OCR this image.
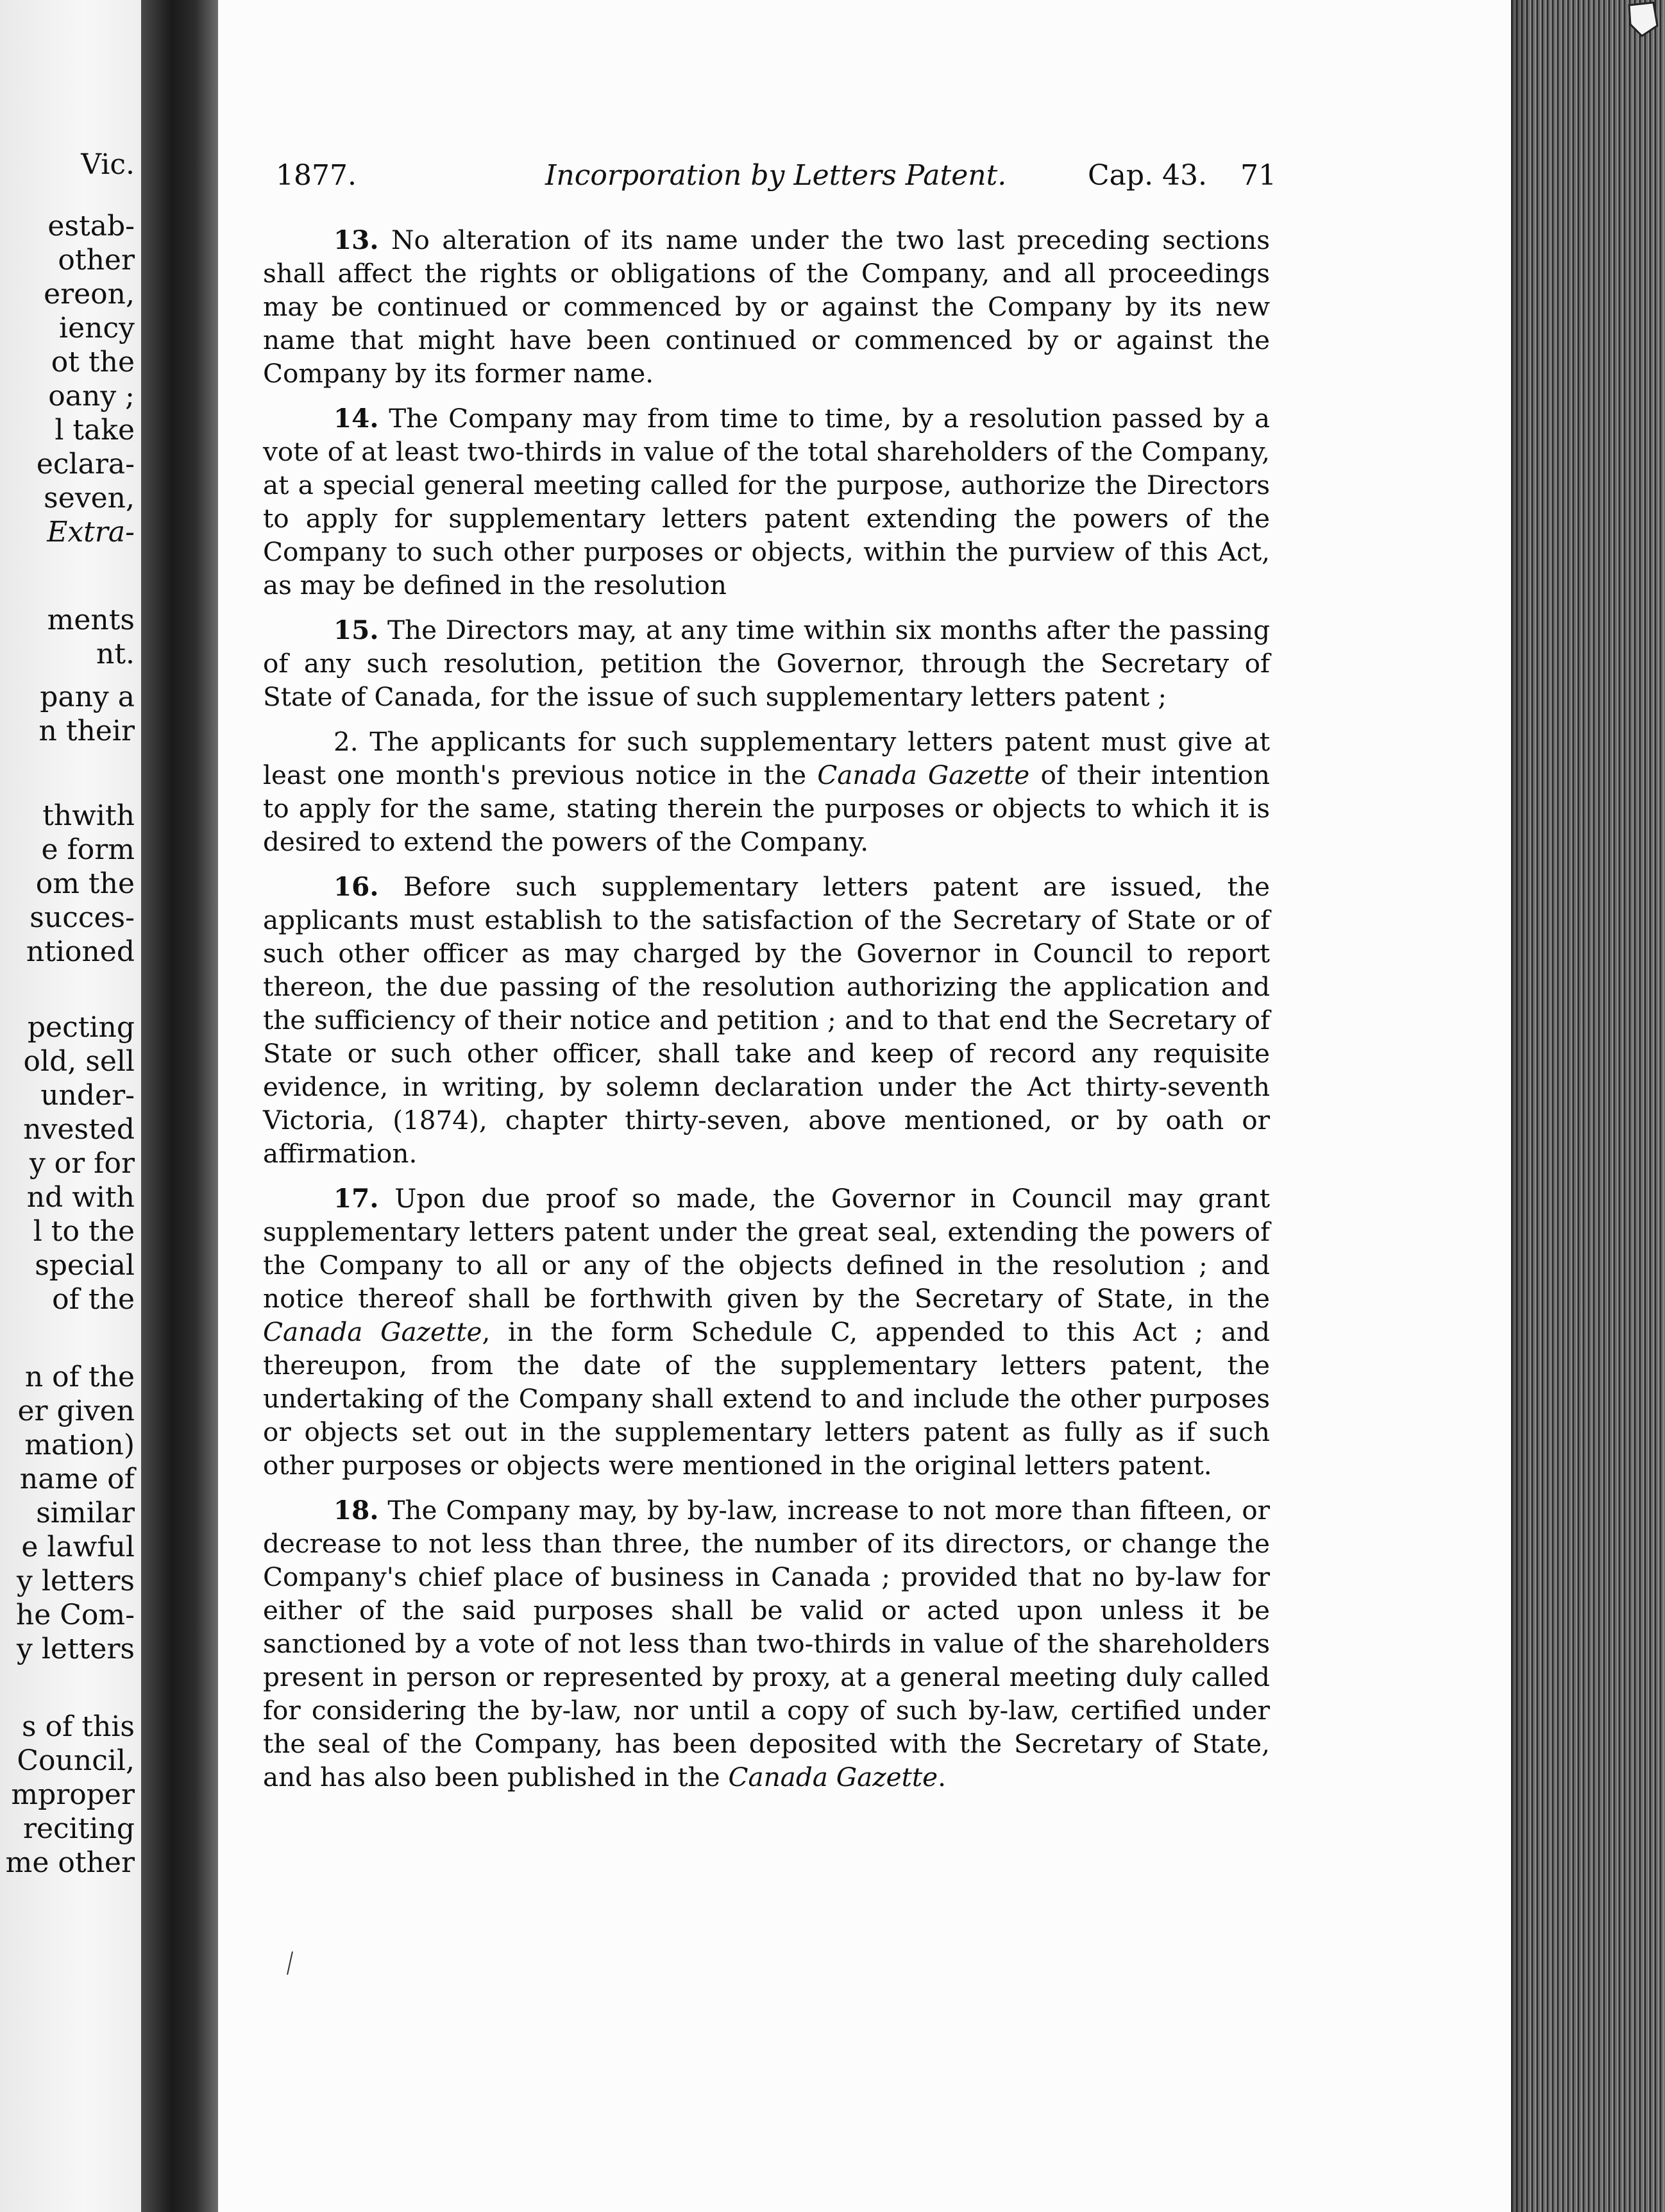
Vic.
estab-
other
ereon,
iency
ot the
oany ;
l take
eclara-
seven,
Extra-
ments
nt.
pany a
n their
thwith
e form
om the
succes-
ntioned
pecting
old, sell
under-
nvested
y or for
nd with
l to the
special
of the
n of the
er given
mation)
name of
similar
e lawful
y letters
he Com-
y letters
s of this
Council,
mproper
reciting
me other
1877.	Incorporation by Letters Patent.	Cap. 43. 71

13. No alteration of its name under the two last preceding sections shall affect the rights or obligations of the Company, and all proceedings may be continued or commenced by or against the Company by its new name that might have been continued or commenced by or against the Company by its former name.

14. The Company may from time to time, by a resolution passed by a vote of at least two-thirds in value of the total shareholders of the Company, at a special general meeting called for the purpose, authorize the Directors to apply for supplementary letters patent extending the powers of the Company to such other purposes or objects, within the purview of this Act, as may be defined in the resolution

15. The Directors may, at any time within six months after the passing of any such resolution, petition the Governor, through the Secretary of State of Canada, for the issue of such supplementary letters patent ;

2. The applicants for such supplementary letters patent must give at least one month's previous notice in the Canada Gazette of their intention to apply for the same, stating therein the purposes or objects to which it is desired to extend the powers of the Company.

16. Before such supplementary letters patent are issued, the applicants must establish to the satisfaction of the Secretary of State or of such other officer as may charged by the Governor in Council to report thereon, the due passing of the resolution authorizing the application and the sufficiency of their notice and petition ; and to that end the Secretary of State or such other officer, shall take and keep of record any requisite evidence, in writing, by solemn declaration under the Act thirty-seventh Victoria, (1874), chapter thirty-seven, above mentioned, or by oath or affirmation.

17. Upon due proof so made, the Governor in Council may grant supplementary letters patent under the great seal, extending the powers of the Company to all or any of the objects defined in the resolution ; and notice thereof shall be forthwith given by the Secretary of State, in the Canada Gazette, in the form Schedule C, appended to this Act ; and thereupon, from the date of the supplementary letters patent, the undertaking of the Company shall extend to and include the other purposes or objects set out in the supplementary letters patent as fully as if such other purposes or objects were mentioned in the original letters patent.

18. The Company may, by by-law, increase to not more than fifteen, or decrease to not less than three, the number of its directors, or change the Company's chief place of business in Canada ; provided that no by-law for either of the said purposes shall be valid or acted upon unless it be sanctioned by a vote of not less than two-thirds in value of the shareholders present in person or represented by proxy, at a general meeting duly called for considering the by-law, nor until a copy of such by-law, certified under the seal of the Company, has been deposited with the Secretary of State, and has also been published in the Canada Gazette.
